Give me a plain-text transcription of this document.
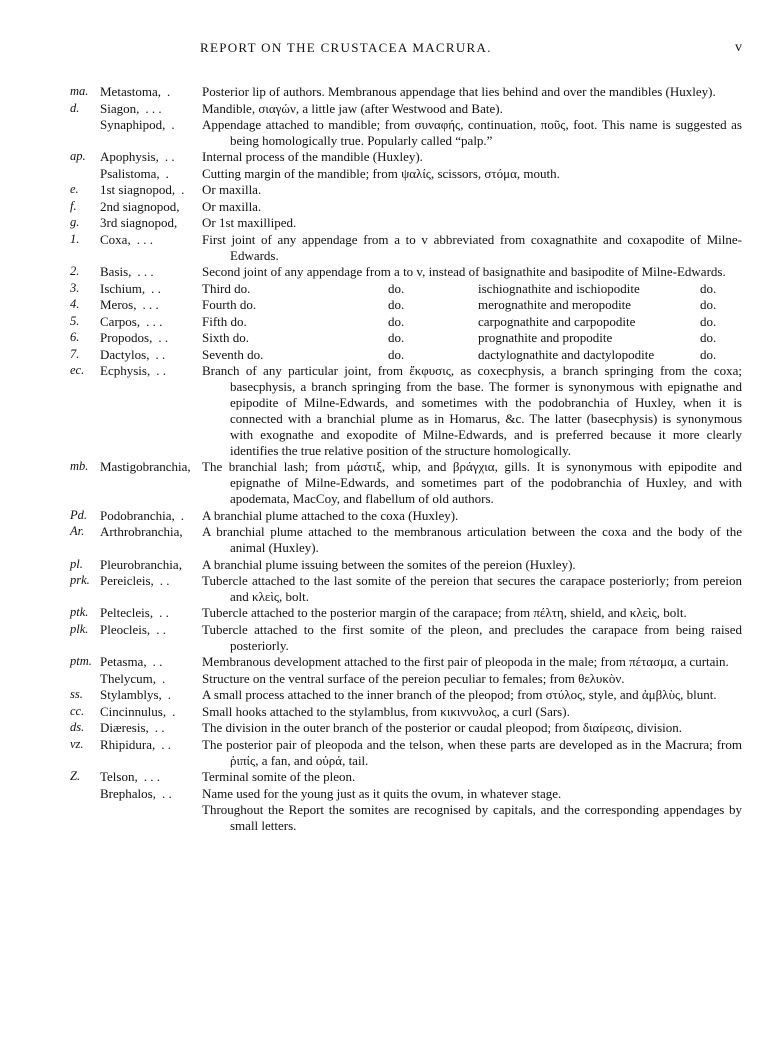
REPORT ON THE CRUSTACEA MACRURA.	v
ma. Metastoma, .	Posterior lip of authors. Membranous appendage that lies behind and over the mandibles (Huxley).
d.	Siagon, . . .	Mandible, σιαγών, a little jaw (after Westwood and Bate).
Synaphipod, .	Appendage attached to mandible; from συναφής, continuation, ποῦς, foot. This name is suggested as being homologically true. Popularly called “palp.”
ap.	Apophysis, . .	Internal process of the mandible (Huxley).
Psalistoma, .	Cutting margin of the mandible; from ψαλίς, scissors, στόμα, mouth.
e.	1st siagnopod, .	Or maxilla.
f.	2nd siagnopod,	Or maxilla.
g.	3rd siagnopod,	Or 1st maxilliped.
1.	Coxa, . . .	First joint of any appendage from a to v abbreviated from coxagnathite and coxapodite of Milne-Edwards.
2.	Basis, . . .	Second joint of any appendage from a to v, instead of basignathite and basipodite of Milne-Edwards.
3.	Ischium, . .	Third do.	do.	ischiognathite and ischiopodite	do.
4.	Meros, . . .	Fourth do.	do.	merognathite and meropodite	do.
5.	Carpos, . . .	Fifth do.	do.	carpognathite and carpopodite	do.
6.	Propodos, . .	Sixth do.	do.	prognathite and propodite	do.
7.	Dactylos, . .	Seventh do.	do.	dactylognathite and dactylopodite	do.
ec.	Ecphysis, . .	Branch of any particular joint, from ἔκφυσις, as coxecphysis, a branch springing from the coxa; basecphysis, a branch springing from the base. The former is synonymous with epignathe and epipodite of Milne-Edwards, and sometimes with the podobranchia of Huxley, when it is connected with a branchial plume as in Homarus, &c. The latter (basecphysis) is synonymous with exognathe and exopodite of Milne-Edwards, and is preferred because it more clearly identifies the true relative position of the structure homologically.
mb. Mastigobranchia, The branchial lash; from μάστιξ, whip, and βράγχια, gills. It is synonymous with epipodite and epignathe of Milne-Edwards, and sometimes part of the podobranchia of Huxley, and with apodemata, MacCoy, and flabellum of old authors.
Pd. Podobranchia, .	A branchial plume attached to the coxa (Huxley).
Ar.	Arthrobranchia,	A branchial plume attached to the membranous articulation between the coxa and the body of the animal (Huxley).
pl.	Pleurobranchia,	A branchial plume issuing between the somites of the pereion (Huxley).
prk. Pereicleis, . .	Tubercle attached to the last somite of the pereion that secures the carapace posteriorly; from pereion and κλεὶς, bolt.
ptk. Peltecleis, . .	Tubercle attached to the posterior margin of the carapace; from πέλτη, shield, and κλεὶς, bolt.
plk. Pleocleis, . .	Tubercle attached to the first somite of the pleon, and precludes the carapace from being raised posteriorly.
ptm. Petasma, . .	Membranous development attached to the first pair of pleopoda in the male; from πέτασμα, a curtain.
Thelycum, .	Structure on the ventral surface of the pereion peculiar to females; from θελυκὸν.
ss.	Stylamblys, .	A small process attached to the inner branch of the pleopod; from στύλος, style, and ἀμβλὺς, blunt.
cc.	Cincinnulus, .	Small hooks attached to the stylamblus, from κικιννυλος, a curl (Sars).
ds.	Diæresis, . .	The division in the outer branch of the posterior or caudal pleopod; from διαίρεσις, division.
vz.	Rhipidura, . .	The posterior pair of pleopoda and the telson, when these parts are developed as in the Macrura; from ῥιπίς, a fan, and οὐρά, tail.
Z.	Telson, . . .	Terminal somite of the pleon.
Brephalos, . .	Name used for the young just as it quits the ovum, in whatever stage.
Throughout the Report the somites are recognised by capitals, and the corresponding appendages by small letters.
